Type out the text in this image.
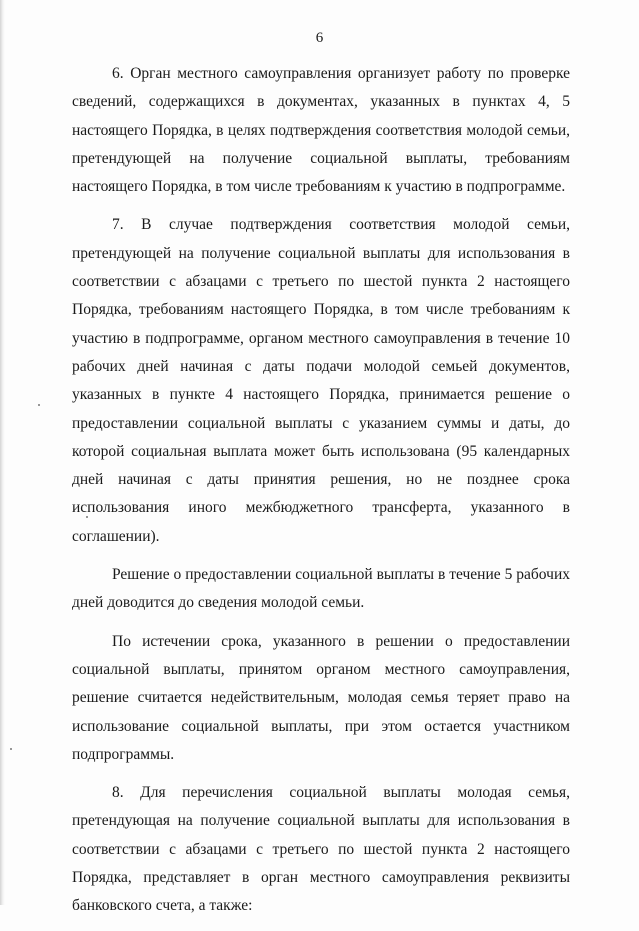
6

6. Орган местного самоуправления организует работу по проверке сведений, содержащихся в документах, указанных в пунктах 4, 5 настоящего Порядка, в целях подтверждения соответствия молодой семьи, претендующей на получение социальной выплаты, требованиям настоящего Порядка, в том числе требованиям к участию в подпрограмме.

7. В случае подтверждения соответствия молодой семьи, претендующей на получение социальной выплаты для использования в соответствии с абзацами с третьего по шестой пункта 2 настоящего Порядка, требованиям настоящего Порядка, в том числе требованиям к участию в подпрограмме, органом местного самоуправления в течение 10 рабочих дней начиная с даты подачи молодой семьей документов, указанных в пункте 4 настоящего Порядка, принимается решение о предоставлении социальной выплаты с указанием суммы и даты, до которой социальная выплата может быть использована (95 календарных дней начиная с даты принятия решения, но не позднее срока использования иного межбюджетного трансферта, указанного в соглашении).

Решение о предоставлении социальной выплаты в течение 5 рабочих дней доводится до сведения молодой семьи.

По истечении срока, указанного в решении о предоставлении социальной выплаты, принятом органом местного самоуправления, решение считается недействительным, молодая семья теряет право на использование социальной выплаты, при этом остается участником подпрограммы.

8. Для перечисления социальной выплаты молодая семья, претендующая на получение социальной выплаты для использования в соответствии с абзацами с третьего по шестой пункта 2 настоящего Порядка, представляет в орган местного самоуправления реквизиты банковского счета, а также:
